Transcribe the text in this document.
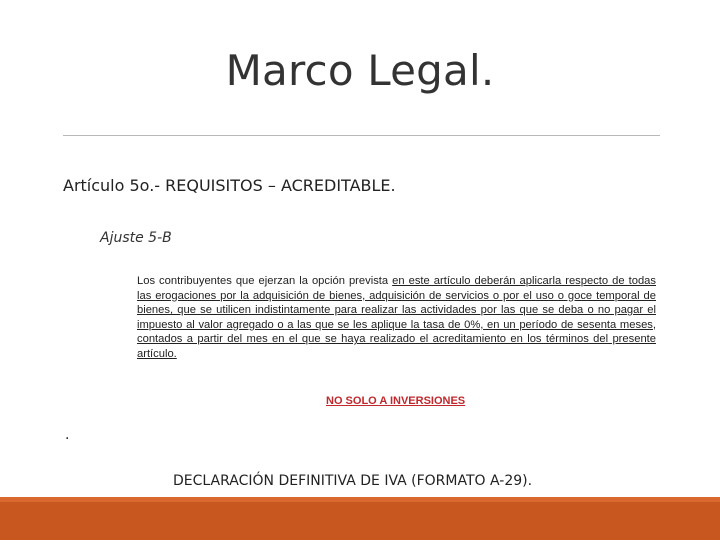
Marco Legal.
Artículo 5o.- REQUISITOS – ACREDITABLE.
Ajuste 5-B

Los contribuyentes que ejerzan la opción prevista en este artículo deberán aplicarla respecto de todas las erogaciones por la adquisición de bienes, adquisición de servicios o por el uso o goce temporal de bienes, que se utilicen indistintamente para realizar las actividades por las que se deba o no pagar el impuesto al valor agregado o a las que se les aplique la tasa de 0%, en un período de sesenta meses, contados a partir del mes en el que se haya realizado el acreditamiento en los términos del presente artículo.

NO SOLO A INVERSIONES
.
DECLARACIÓN DEFINITIVA DE IVA (FORMATO A-29).
